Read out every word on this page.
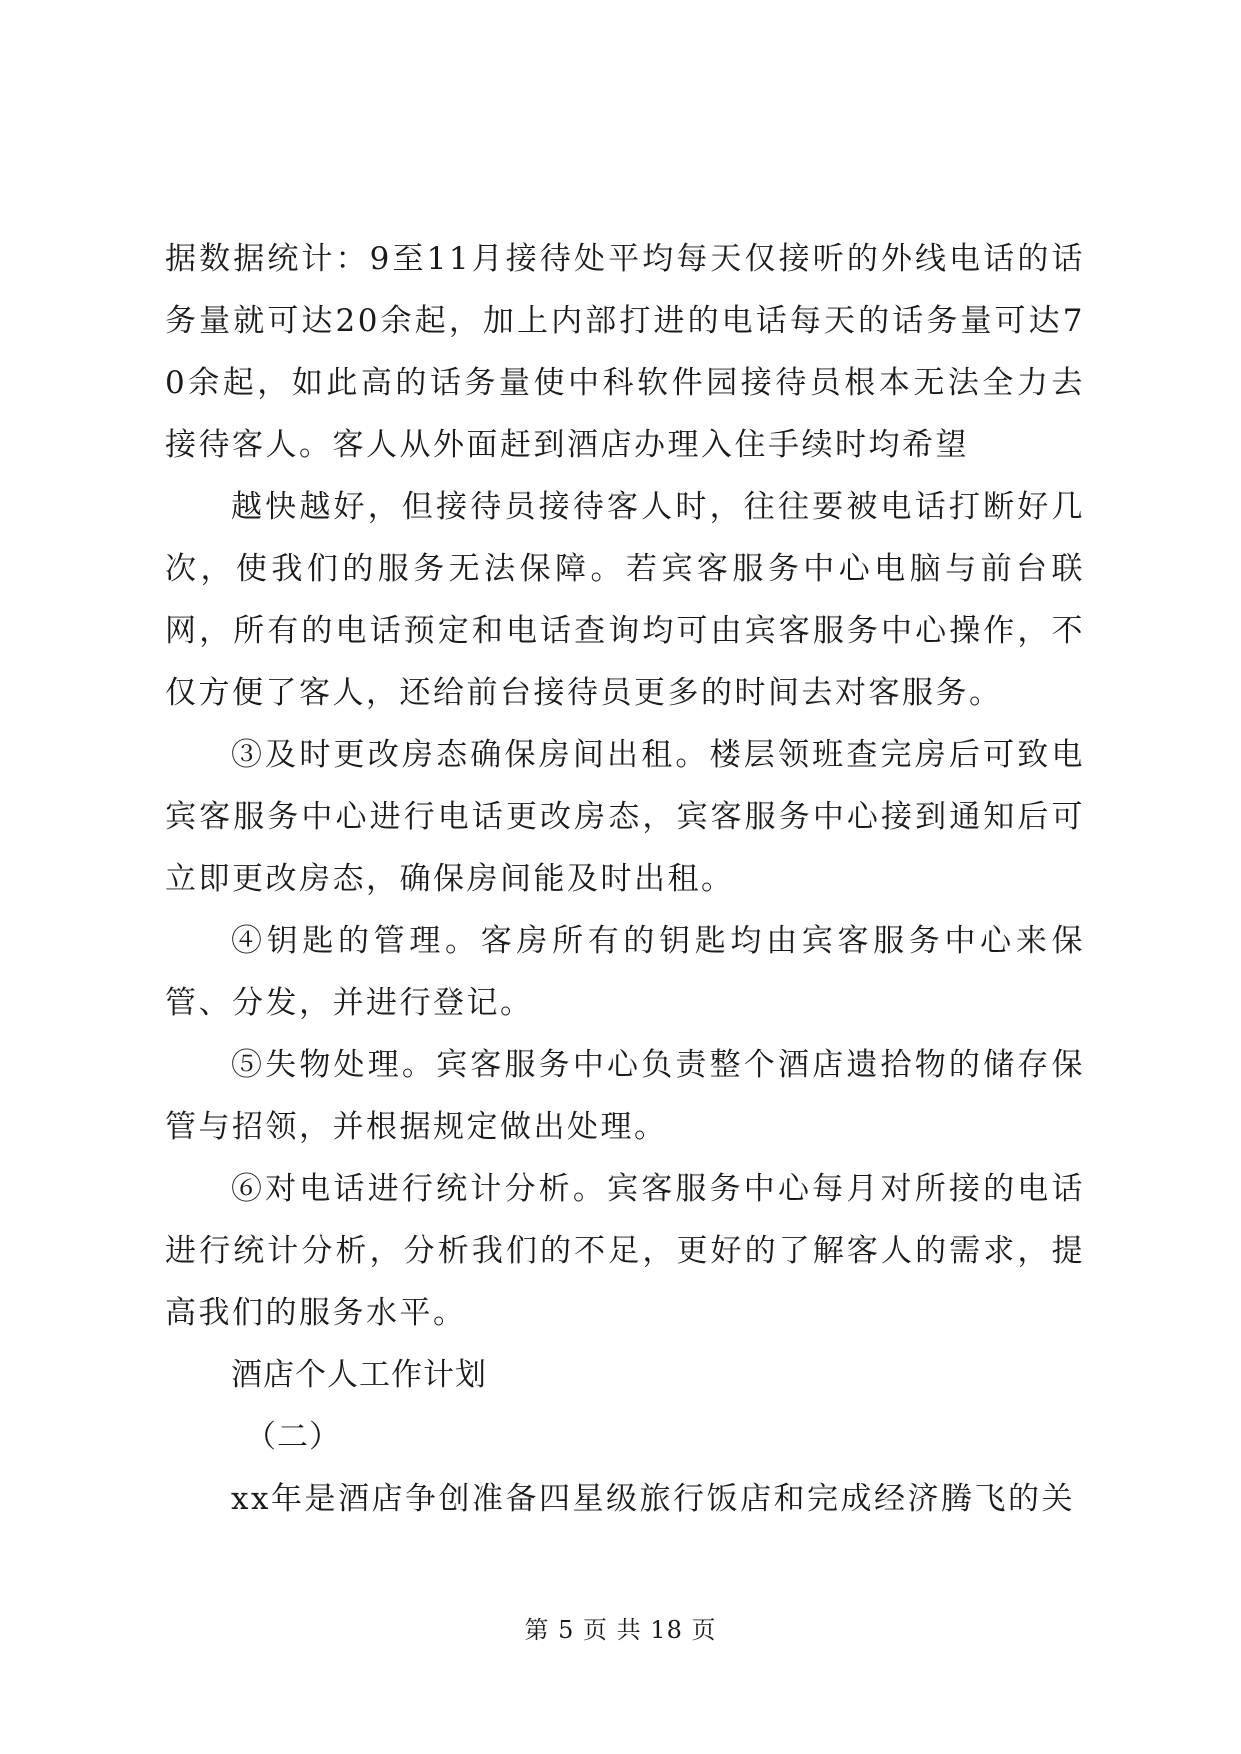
据数据统计：9至11月接待处平均每天仅接听的外线电话的话务量就可达20余起，加上内部打进的电话每天的话务量可达70余起，如此高的话务量使中科软件园接待员根本无法全力去接待客人。客人从外面赶到酒店办理入住手续时均希望

越快越好，但接待员接待客人时，往往要被电话打断好几次，使我们的服务无法保障。若宾客服务中心电脑与前台联网，所有的电话预定和电话查询均可由宾客服务中心操作，不仅方便了客人，还给前台接待员更多的时间去对客服务。

③及时更改房态确保房间出租。楼层领班查完房后可致电宾客服务中心进行电话更改房态，宾客服务中心接到通知后可立即更改房态，确保房间能及时出租。

④钥匙的管理。客房所有的钥匙均由宾客服务中心来保管、分发，并进行登记。

⑤失物处理。宾客服务中心负责整个酒店遗拾物的储存保管与招领，并根据规定做出处理。

⑥对电话进行统计分析。宾客服务中心每月对所接的电话进行统计分析，分析我们的不足，更好的了解客人的需求，提高我们的服务水平。

酒店个人工作计划

（二）

xx年是酒店争创准备四星级旅行饭店和完成经济腾飞的关

第 5 页 共 18 页
